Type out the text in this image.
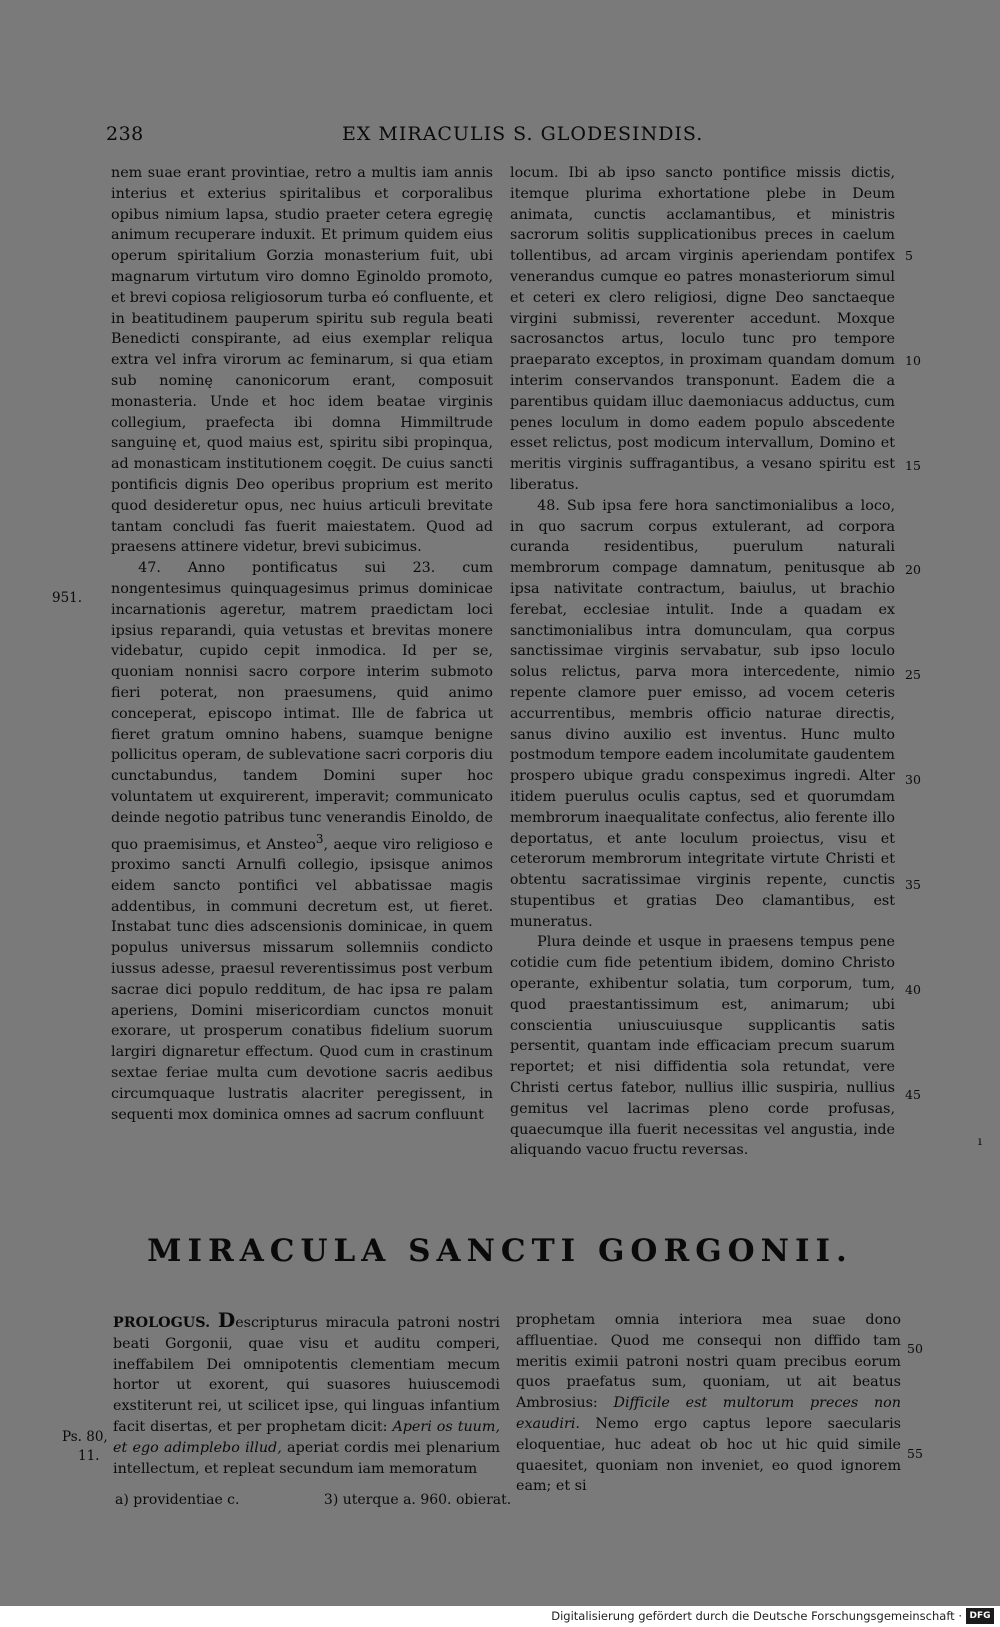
238	EX MIRACULIS S. GLODESINDIS.

nem suae erant provintiae, retro a multis iam annis interius et exterius spiritalibus et corporalibus opibus nimium lapsa, studio praeter cetera egregię animum recuperare induxit. Et primum quidem eius operum spiritalium Gorzia monasterium fuit, ubi magnarum virtutum viro domno Eginoldo promoto, et brevi copiosa religiosorum turba eó confluente, et in beatitudinem pauperum spiritu sub regula beati Benedicti conspirante, ad eius exemplar reliqua extra vel infra virorum ac feminarum, si qua etiam sub nominę canonicorum erant, composuit monasteria. Unde et hoc idem beatae virginis collegium, praefecta ibi domna Himmiltrude sanguinę et, quod maius est, spiritu sibi propinqua, ad monasticam institutionem coęgit. De cuius sancti pontificis dignis Deo operibus proprium est merito quod desideretur opus, nec huius articuli brevitate tantam concludi fas fuerit maiestatem. Quod ad praesens attinere videtur, brevi subicimus.

47. Anno pontificatus sui 23. cum nongentesimus quinquagesimus primus dominicae incarnationis ageretur, matrem praedictam loci ipsius reparandi, quia vetustas et brevitas monere videbatur, cupido cepit inmodica. Id per se, quoniam nonnisi sacro corpore interim submoto fieri poterat, non praesumens, quid animo conceperat, episcopo intimat. Ille de fabrica ut fieret gratum omnino habens, suamque benigne pollicitus operam, de sublevatione sacri corporis diu cunctabundus, tandem Domini super hoc voluntatem ut exquirerent, imperavit; communicato deinde negotio patribus tunc venerandis Einoldo, de quo praemisimus, et Ansteo$^3$, aeque viro religioso e proximo sancti Arnulfi collegio, ipsisque animos eidem sancto pontifici vel abbatissae magis addentibus, in communi decretum est, ut fieret. Instabat tunc dies adscensionis dominicae, in quem populus universus missarum sollemniis condicto iussus adesse, praesul reverentissimus post verbum sacrae dici populo redditum, de hac ipsa re palam aperiens, Domini misericordiam cunctos monuit exorare, ut prosperum conatibus fidelium suorum largiri dignaretur effectum. Quod cum in crastinum sextae feriae multa cum devotione sacris aedibus circumquaque lustratis alacriter peregissent, in sequenti mox dominica omnes ad sacrum confluunt

locum. Ibi ab ipso sancto pontifice missis dictis, itemque plurima exhortatione plebe in Deum animata, cunctis acclamantibus, et ministris sacrorum solitis supplicationibus preces in caelum tollentibus, ad arcam virginis aperiendam pontifex venerandus cumque eo patres monasteriorum simul et ceteri ex clero religiosi, digne Deo sanctaeque virgini submissi, reverenter accedunt. Moxque sacrosanctos artus, loculo tunc pro tempore praeparato exceptos, in proximam quandam domum interim conservandos transponunt. Eadem die a parentibus quidam illuc daemoniacus adductus, cum penes loculum in domo eadem populo abscedente esset relictus, post modicum intervallum, Domino et meritis virginis suffragantibus, a vesano spiritu est liberatus.

48. Sub ipsa fere hora sanctimonialibus a loco, in quo sacrum corpus extulerant, ad corpora curanda residentibus, puerulum naturali membrorum compage damnatum, penitusque ab ipsa nativitate contractum, baiulus, ut brachio ferebat, ecclesiae intulit. Inde a quadam ex sanctimonialibus intra domunculam, qua corpus sanctissimae virginis servabatur, sub ipso loculo solus relictus, parva mora intercedente, nimio repente clamore puer emisso, ad vocem ceteris accurrentibus, membris officio naturae directis, sanus divino auxilio est inventus. Hunc multo postmodum tempore eadem incolumitate gaudentem prospero ubique gradu conspeximus ingredi. Alter itidem puerulus oculis captus, sed et quorumdam membrorum inaequalitate confectus, alio ferente illo deportatus, et ante loculum proiectus, visu et ceterorum membrorum integritate virtute Christi et obtentu sacratissimae virginis repente, cunctis stupentibus et gratias Deo clamantibus, est muneratus.

Plura deinde et usque in praesens tempus pene cotidie cum fide petentium ibidem, domino Christo operante, exhibentur solatia, tum corporum, tum, quod praestantissimum est, animarum; ubi conscientia uniuscuiusque supplicantis satis persentit, quantam inde efficaciam precum suarum reportet; et nisi diffidentia sola retundat, vere Christi certus fatebor, nullius illic suspiria, nullius gemitus vel lacrimas pleno corde profusas, quaecumque illa fuerit necessitas vel angustia, inde aliquando vacuo fructu reversas.

951.
5
10
15
20
25
30
35
40
45
ı
MIRACULA SANCTI GORGONII.

PROLOGUS. Descripturus miracula patroni nostri beati Gorgonii, quae visu et auditu comperi, ineffabilem Dei omnipotentis clementiam mecum hortor ut exorent, qui suasores huiuscemodi exstiterunt rei, ut scilicet ipse, qui linguas infantium facit disertas, et per prophetam dicit: Aperi os tuum, et ego adimplebo illud, aperiat cordis mei plenarium intellectum, et repleat secundum iam memoratum

prophetam omnia interiora mea suae dono affluentiae. Quod me consequi non diffido tam meritis eximii patroni nostri quam precibus eorum quos praefatus sum, quoniam, ut ait beatus Ambrosius: Difficile est multorum preces non exaudiri. Nemo ergo captus lepore saecularis eloquentiae, huc adeat ob hoc ut hic quid simile quaesitet, quoniam non inveniet, eo quod ignorem eam; et si

Ps. 80,
11.
50
55
a) providentiae c.	3) uterque a. 960. obierat.
Digitalisierung gefördert durch die Deutsche Forschungsgemeinschaft · DFG
